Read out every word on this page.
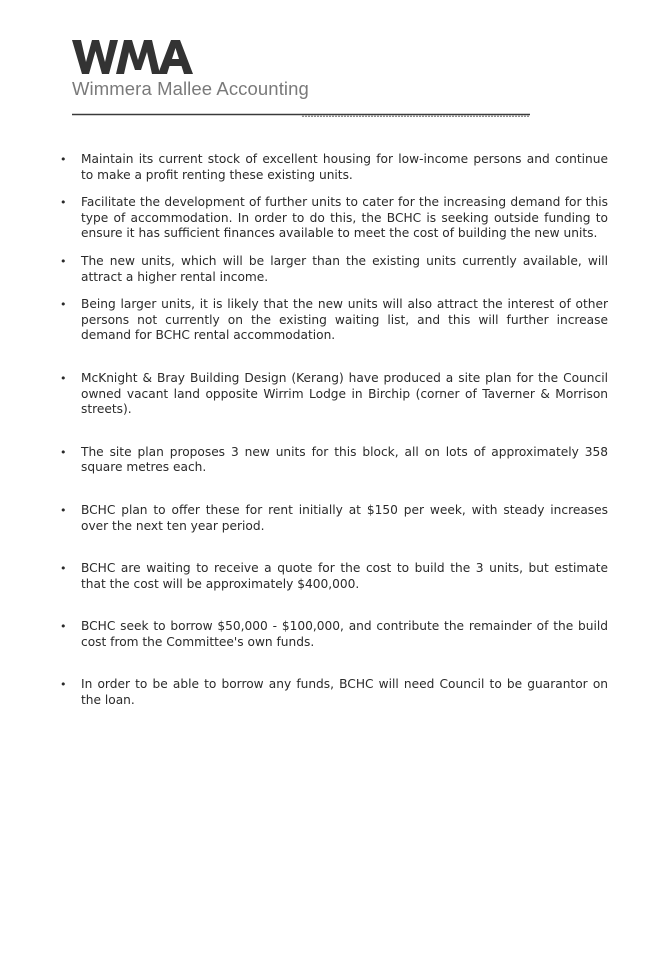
Wimmera Mallee Accounting
• Maintain its current stock of excellent housing for low-income persons and continue to make a profit renting these existing units.
• Facilitate the development of further units to cater for the increasing demand for this type of accommodation. In order to do this, the BCHC is seeking outside funding to ensure it has sufficient finances available to meet the cost of building the new units.
• The new units, which will be larger than the existing units currently available, will attract a higher rental income.
• Being larger units, it is likely that the new units will also attract the interest of other persons not currently on the existing waiting list, and this will further increase demand for BCHC rental accommodation.
• McKnight & Bray Building Design (Kerang) have produced a site plan for the Council owned vacant land opposite Wirrim Lodge in Birchip (corner of Taverner & Morrison streets).
• The site plan proposes 3 new units for this block, all on lots of approximately 358 square metres each.
• BCHC plan to offer these for rent initially at $150 per week, with steady increases over the next ten year period.
• BCHC are waiting to receive a quote for the cost to build the 3 units, but estimate that the cost will be approximately $400,000.
• BCHC seek to borrow $50,000 - $100,000, and contribute the remainder of the build cost from the Committee's own funds.
• In order to be able to borrow any funds, BCHC will need Council to be guarantor on the loan.
